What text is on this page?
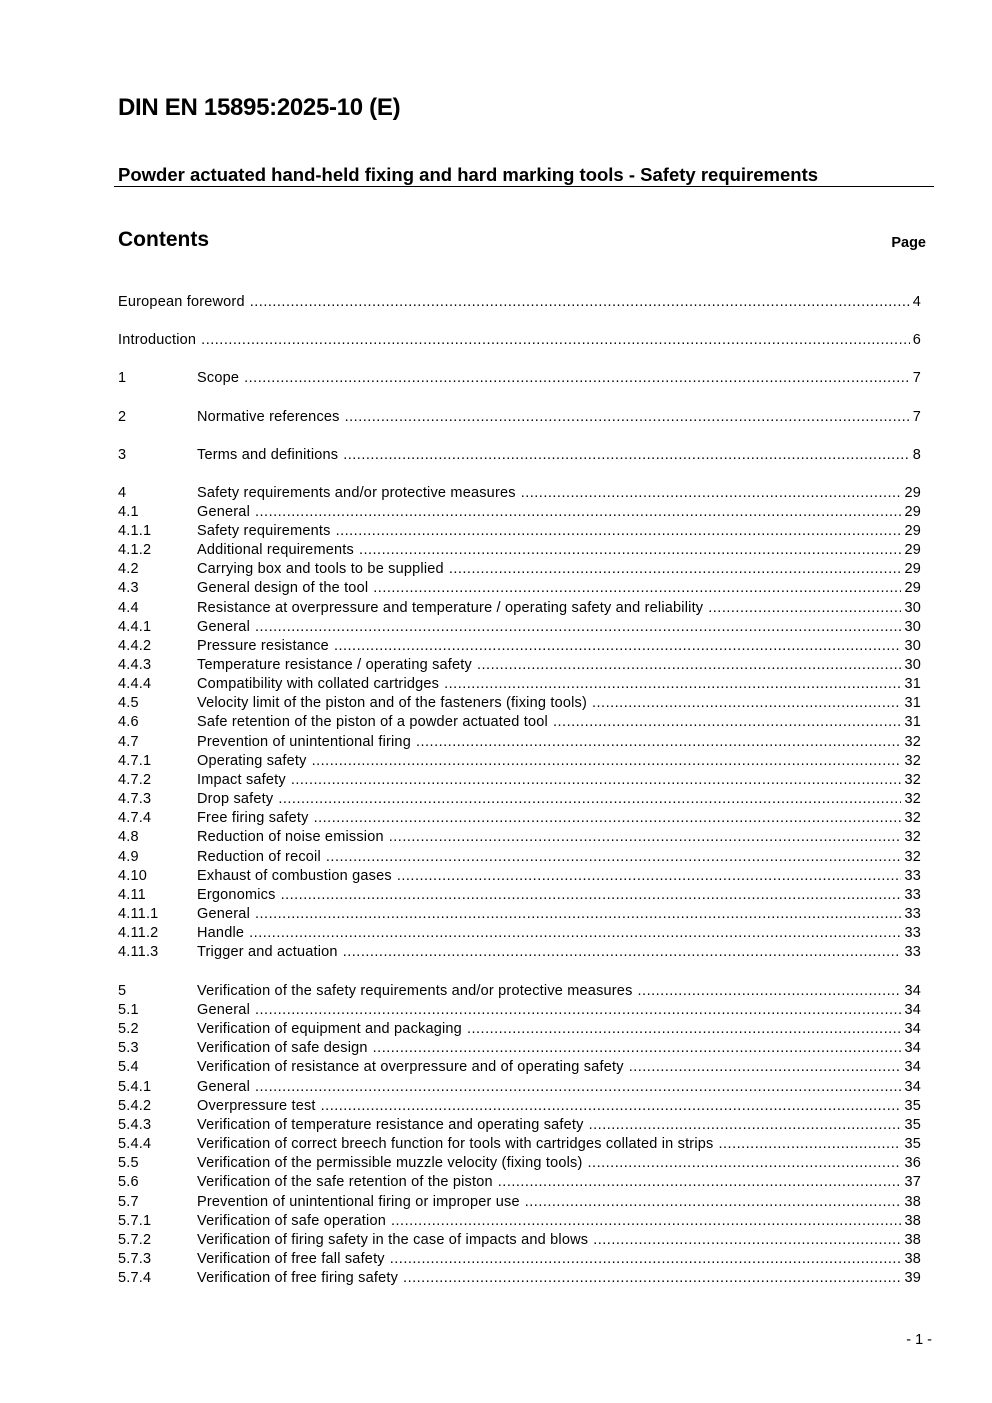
DIN EN 15895:2025-10 (E)
Powder actuated hand-held fixing and hard marking tools - Safety requirements
Contents	Page
European foreword .....	4
Introduction .....	6
1	Scope .....	7
2	Normative references .....	7
3	Terms and definitions .....	8
4	Safety requirements and/or protective measures .....	29
4.1	General .....	29
4.1.1	Safety requirements .....	29
4.1.2	Additional requirements .....	29
4.2	Carrying box and tools to be supplied .....	29
4.3	General design of the tool .....	29
4.4	Resistance at overpressure and temperature / operating safety and reliability .....	30
4.4.1	General .....	30
4.4.2	Pressure resistance .....	30
4.4.3	Temperature resistance / operating safety .....	30
4.4.4	Compatibility with collated cartridges .....	31
4.5	Velocity limit of the piston and of the fasteners (fixing tools) .....	31
4.6	Safe retention of the piston of a powder actuated tool .....	31
4.7	Prevention of unintentional firing .....	32
4.7.1	Operating safety .....	32
4.7.2	Impact safety .....	32
4.7.3	Drop safety .....	32
4.7.4	Free firing safety .....	32
4.8	Reduction of noise emission .....	32
4.9	Reduction of recoil .....	32
4.10	Exhaust of combustion gases .....	33
4.11	Ergonomics .....	33
4.11.1	General .....	33
4.11.2	Handle .....	33
4.11.3	Trigger and actuation .....	33
5	Verification of the safety requirements and/or protective measures .....	34
5.1	General .....	34
5.2	Verification of equipment and packaging .....	34
5.3	Verification of safe design .....	34
5.4	Verification of resistance at overpressure and of operating safety .....	34
5.4.1	General .....	34
5.4.2	Overpressure test .....	35
5.4.3	Verification of temperature resistance and operating safety .....	35
5.4.4	Verification of correct breech function for tools with cartridges collated in strips .....	35
5.5	Verification of the permissible muzzle velocity (fixing tools) .....	36
5.6	Verification of the safe retention of the piston .....	37
5.7	Prevention of unintentional firing or improper use .....	38
5.7.1	Verification of safe operation .....	38
5.7.2	Verification of firing safety in the case of impacts and blows .....	38
5.7.3	Verification of free fall safety .....	38
5.7.4	Verification of free firing safety .....	39
- 1 -
